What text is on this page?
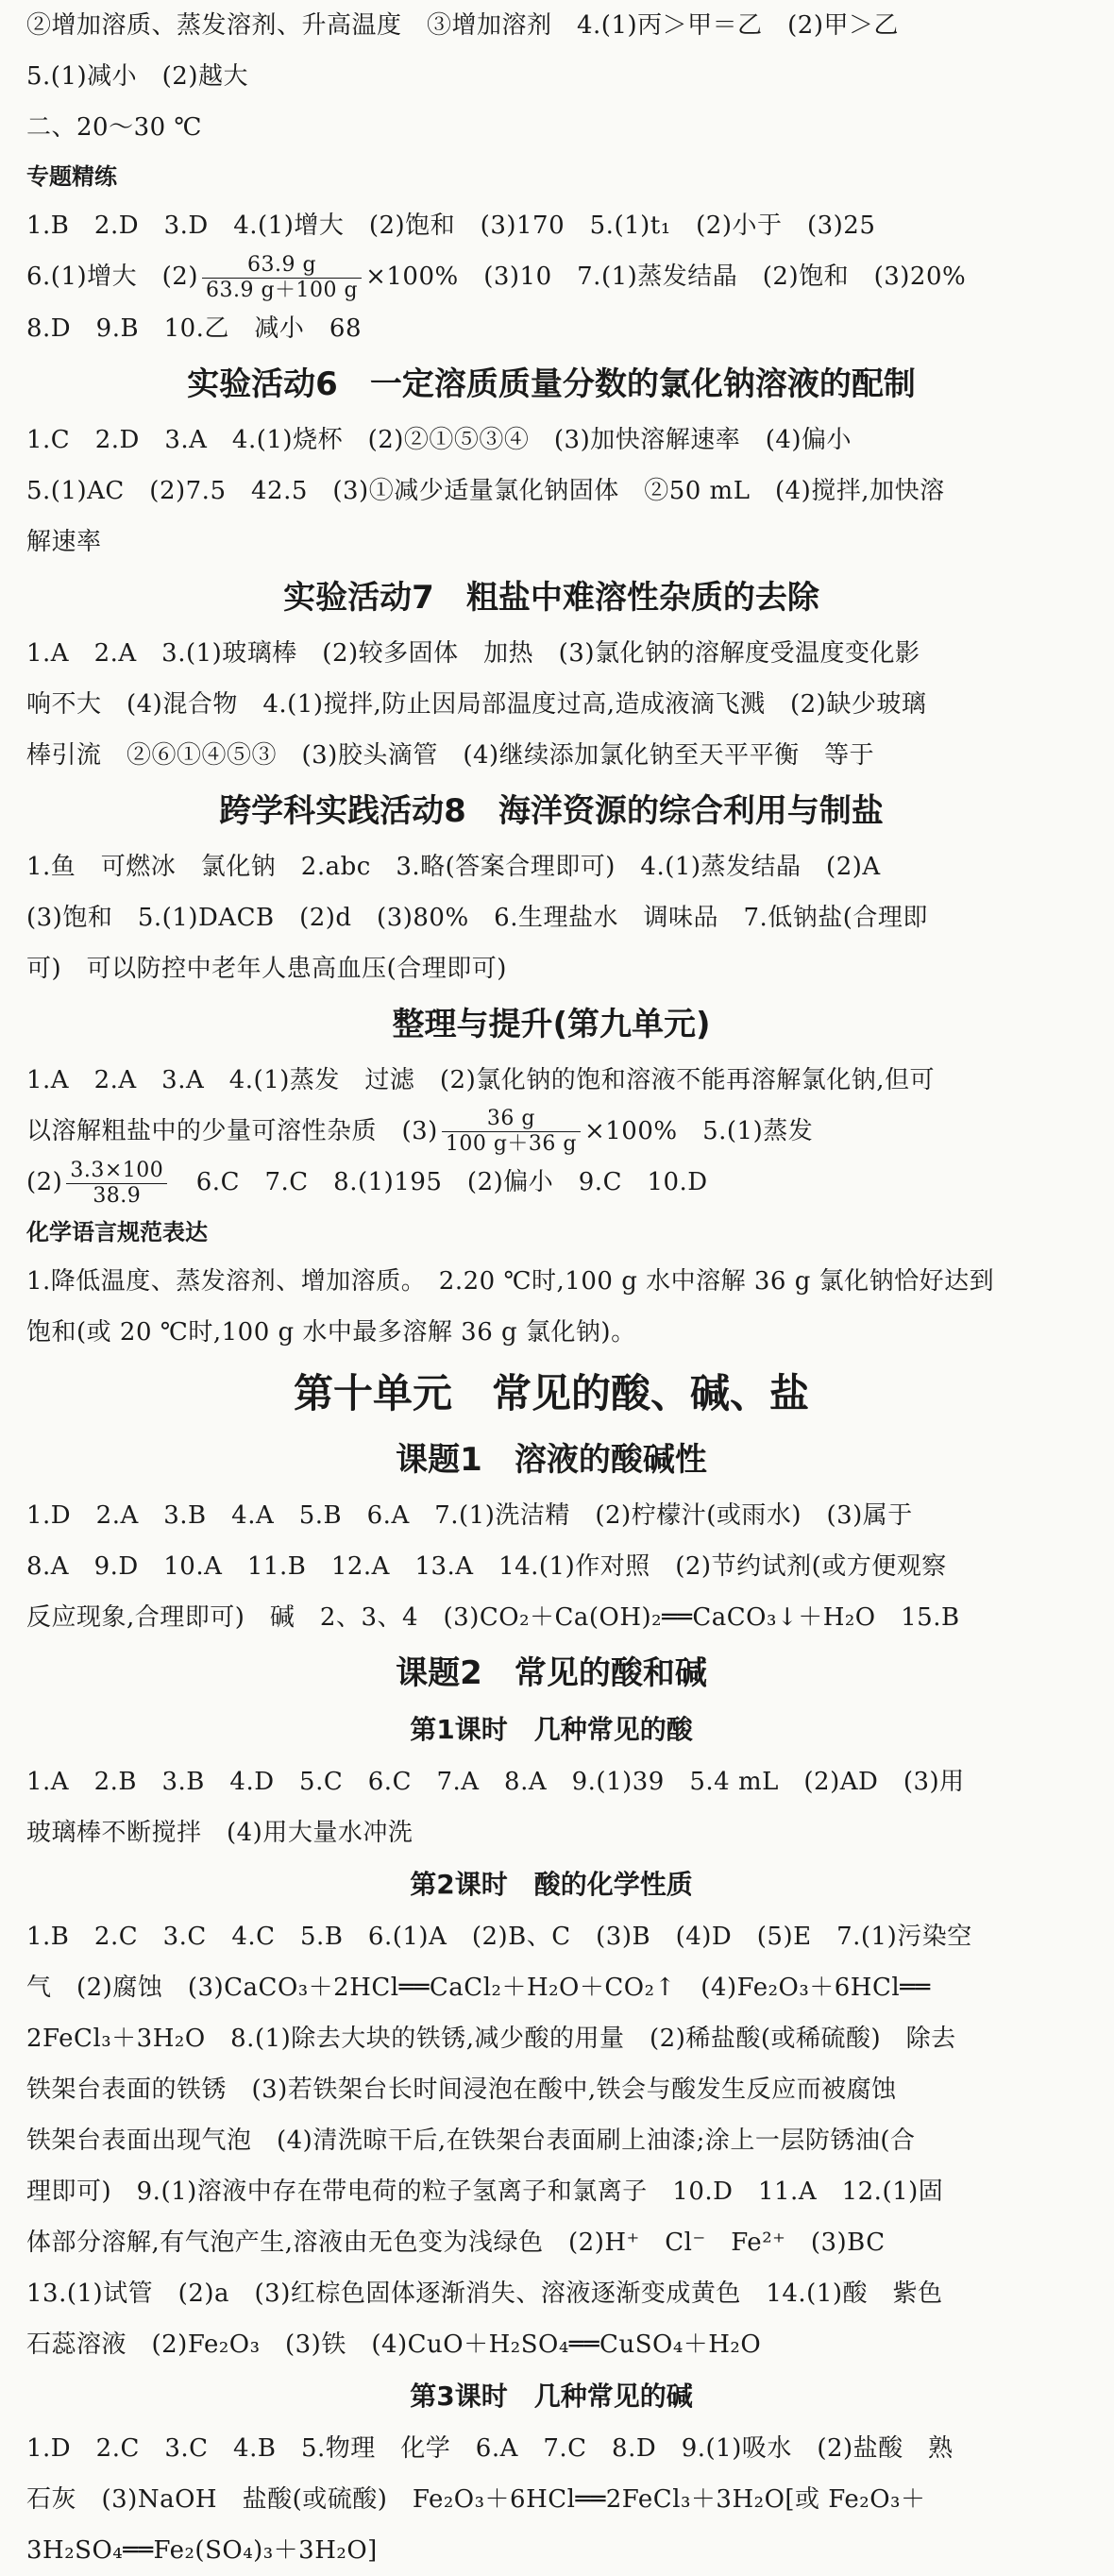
②增加溶质、蒸发溶剂、升高温度　③增加溶剂　4.(1)丙＞甲＝乙　(2)甲＞乙
5.(1)减小　(2)越大
二、20～30 ℃
专题精练
1.B　2.D　3.D　4.(1)增大　(2)饱和　(3)170　5.(1)t₁　(2)小于　(3)25
6.(1)增大　$(2) \frac{63.9 g}{63.9 g+100 g} \times 100\%$　(3)10　7.(1)蒸发结晶　(2)饱和　(3)20%
8.D　9.B　10.乙　减小　68
实验活动6　一定溶质质量分数的氯化钠溶液的配制
1.C　2.D　3.A　4.(1)烧杯　(2)②①⑤③④　(3)加快溶解速率　(4)偏小
5.(1)AC　(2)7.5　42.5　(3)①减少适量氯化钠固体　②50 mL　(4)搅拌,加快溶
解速率
实验活动7　粗盐中难溶性杂质的去除
1.A　2.A　3.(1)玻璃棒　(2)较多固体　加热　(3)氯化钠的溶解度受温度变化影
响不大　(4)混合物　4.(1)搅拌,防止因局部温度过高,造成液滴飞溅　(2)缺少玻璃
棒引流　②⑥①④⑤③　(3)胶头滴管　(4)继续添加氯化钠至天平平衡　等于
跨学科实践活动8　海洋资源的综合利用与制盐
1.鱼　可燃冰　氯化钠　2.abc　3.略(答案合理即可)　4.(1)蒸发结晶　(2)A
(3)饱和　5.(1)DACB　(2)d　(3)80%　6.生理盐水　调味品　7.低钠盐(合理即
可)　可以防控中老年人患高血压(合理即可)
整理与提升(第九单元)
1.A　2.A　3.A　4.(1)蒸发　过滤　(2)氯化钠的饱和溶液不能再溶解氯化钠,但可
以溶解粗盐中的少量可溶性杂质　$(3) \frac{36 g}{100 g+36 g} \times 100\%$　5.(1)蒸发
$(2) \frac{3.3\times 100}{38.9}$ 　6.C　7.C　8.(1)195　(2)偏小　9.C　10.D
化学语言规范表达
1.降低温度、蒸发溶剂、增加溶质。　2.20 ℃时,100 g 水中溶解 36 g 氯化钠恰好达到
饱和(或 20 ℃时,100 g 水中最多溶解 36 g 氯化钠)。
第十单元　常见的酸、碱、盐
课题1　溶液的酸碱性
1.D　2.A　3.B　4.A　5.B　6.A　7.(1)洗洁精　(2)柠檬汁(或雨水)　(3)属于
8.A　9.D　10.A　11.B　12.A　13.A　14.(1)作对照　(2)节约试剂(或方便观察
反应现象,合理即可)　碱　2、3、4　(3)CO₂＋Ca(OH)₂══CaCO₃↓＋H₂O　15.B
课题2　常见的酸和碱
第1课时　几种常见的酸
1.A　2.B　3.B　4.D　5.C　6.C　7.A　8.A　9.(1)39　5.4 mL　(2)AD　(3)用
玻璃棒不断搅拌　(4)用大量水冲洗
第2课时　酸的化学性质
1.B　2.C　3.C　4.C　5.B　6.(1)A　(2)B、C　(3)B　(4)D　(5)E　7.(1)污染空
气　(2)腐蚀　(3)CaCO₃＋2HCl══CaCl₂＋H₂O＋CO₂↑　(4)Fe₂O₃＋6HCl══
2FeCl₃＋3H₂O　8.(1)除去大块的铁锈,减少酸的用量　(2)稀盐酸(或稀硫酸)　除去
铁架台表面的铁锈　(3)若铁架台长时间浸泡在酸中,铁会与酸发生反应而被腐蚀
铁架台表面出现气泡　(4)清洗晾干后,在铁架台表面刷上油漆;涂上一层防锈油(合
理即可)　9.(1)溶液中存在带电荷的粒子氢离子和氯离子　10.D　11.A　12.(1)固
体部分溶解,有气泡产生,溶液由无色变为浅绿色　(2)H⁺　Cl⁻　Fe²⁺　(3)BC
13.(1)试管　(2)a　(3)红棕色固体逐渐消失、溶液逐渐变成黄色　14.(1)酸　紫色
石蕊溶液　(2)Fe₂O₃　(3)铁　(4)CuO＋H₂SO₄══CuSO₄＋H₂O
第3课时　几种常见的碱
1.D　2.C　3.C　4.B　5.物理　化学　6.A　7.C　8.D　9.(1)吸水　(2)盐酸　熟
石灰　(3)NaOH　盐酸(或硫酸)　Fe₂O₃＋6HCl══2FeCl₃＋3H₂O[或 Fe₂O₃＋
3H₂SO₄══Fe₂(SO₄)₃＋3H₂O]
